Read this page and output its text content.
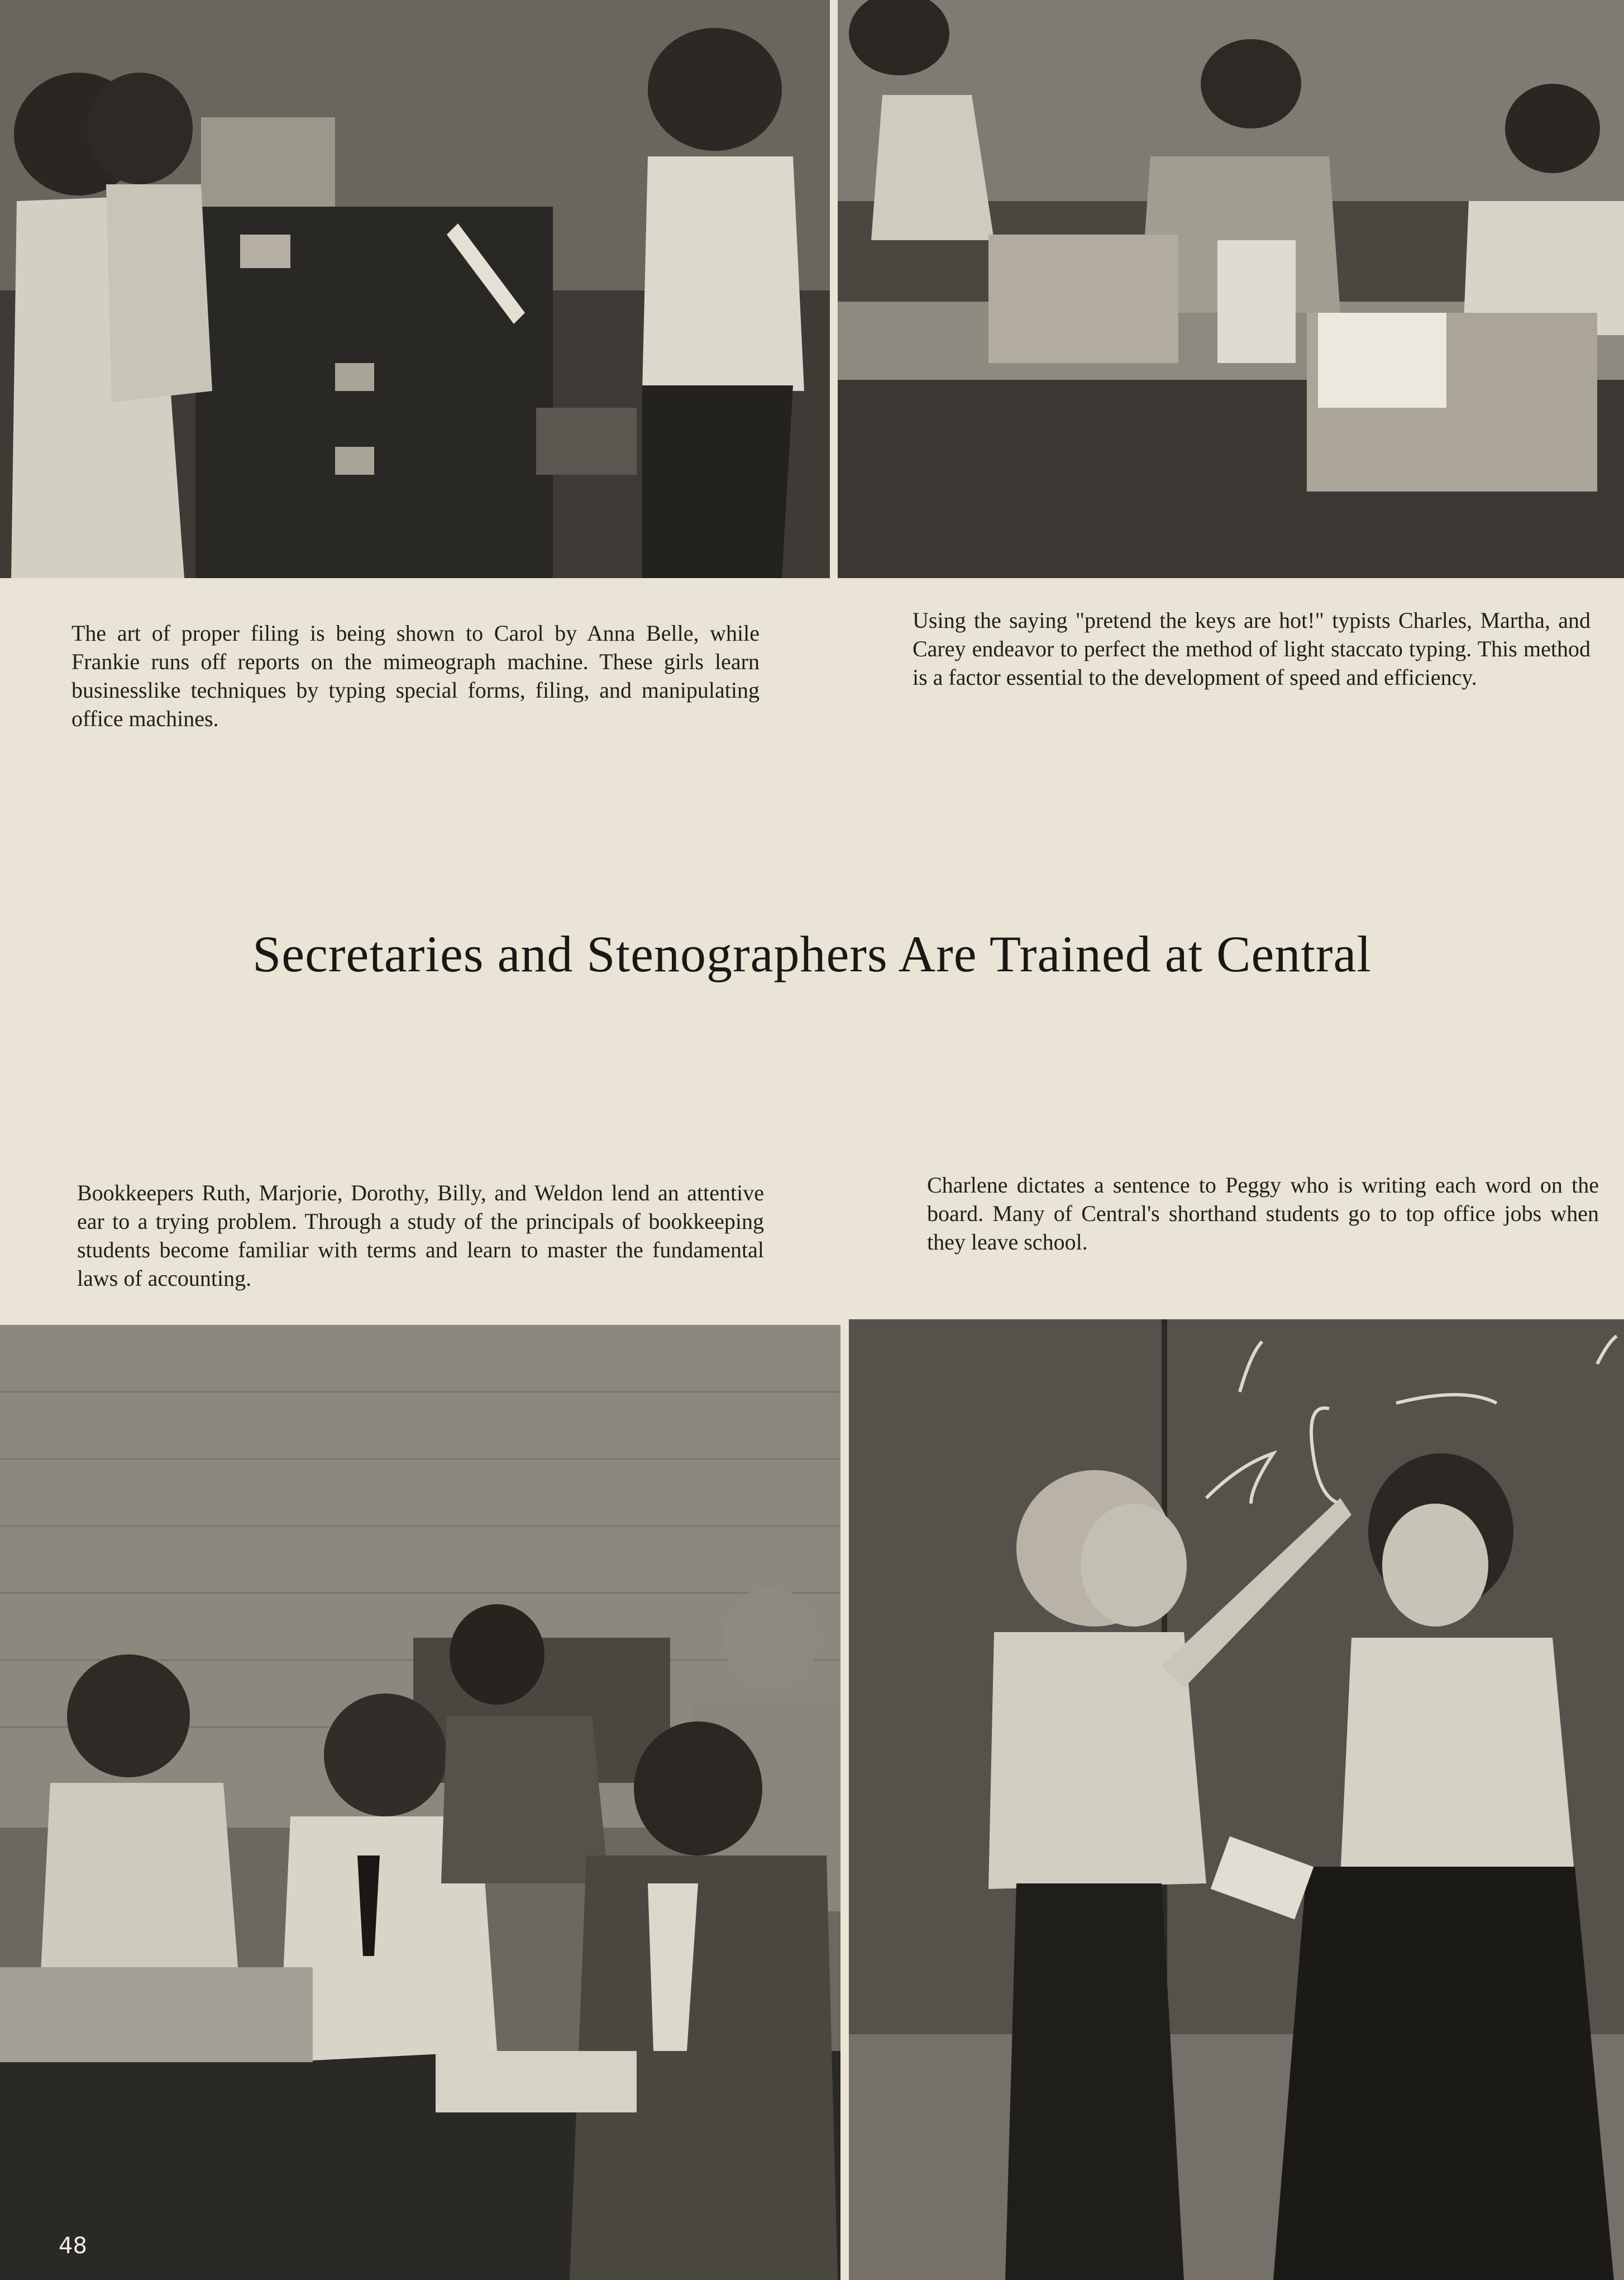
The art of proper filing is being shown to Carol by Anna Belle, while Frankie runs off reports on the mimeograph machine. These girls learn businesslike techniques by typing special forms, filing, and manipulating office machines.
Using the saying "pretend the keys are hot!" typists Charles, Martha, and Carey endeavor to perfect the method of light staccato typing. This method is a factor essential to the development of speed and efficiency.
Secretaries and Stenographers Are Trained at Central
Bookkeepers Ruth, Marjorie, Dorothy, Billy, and Weldon lend an attentive ear to a trying problem. Through a study of the principals of bookkeeping students become familiar with terms and learn to master the fundamental laws of accounting.
Charlene dictates a sentence to Peggy who is writing each word on the board. Many of Central's shorthand students go to top office jobs when they leave school.
48
